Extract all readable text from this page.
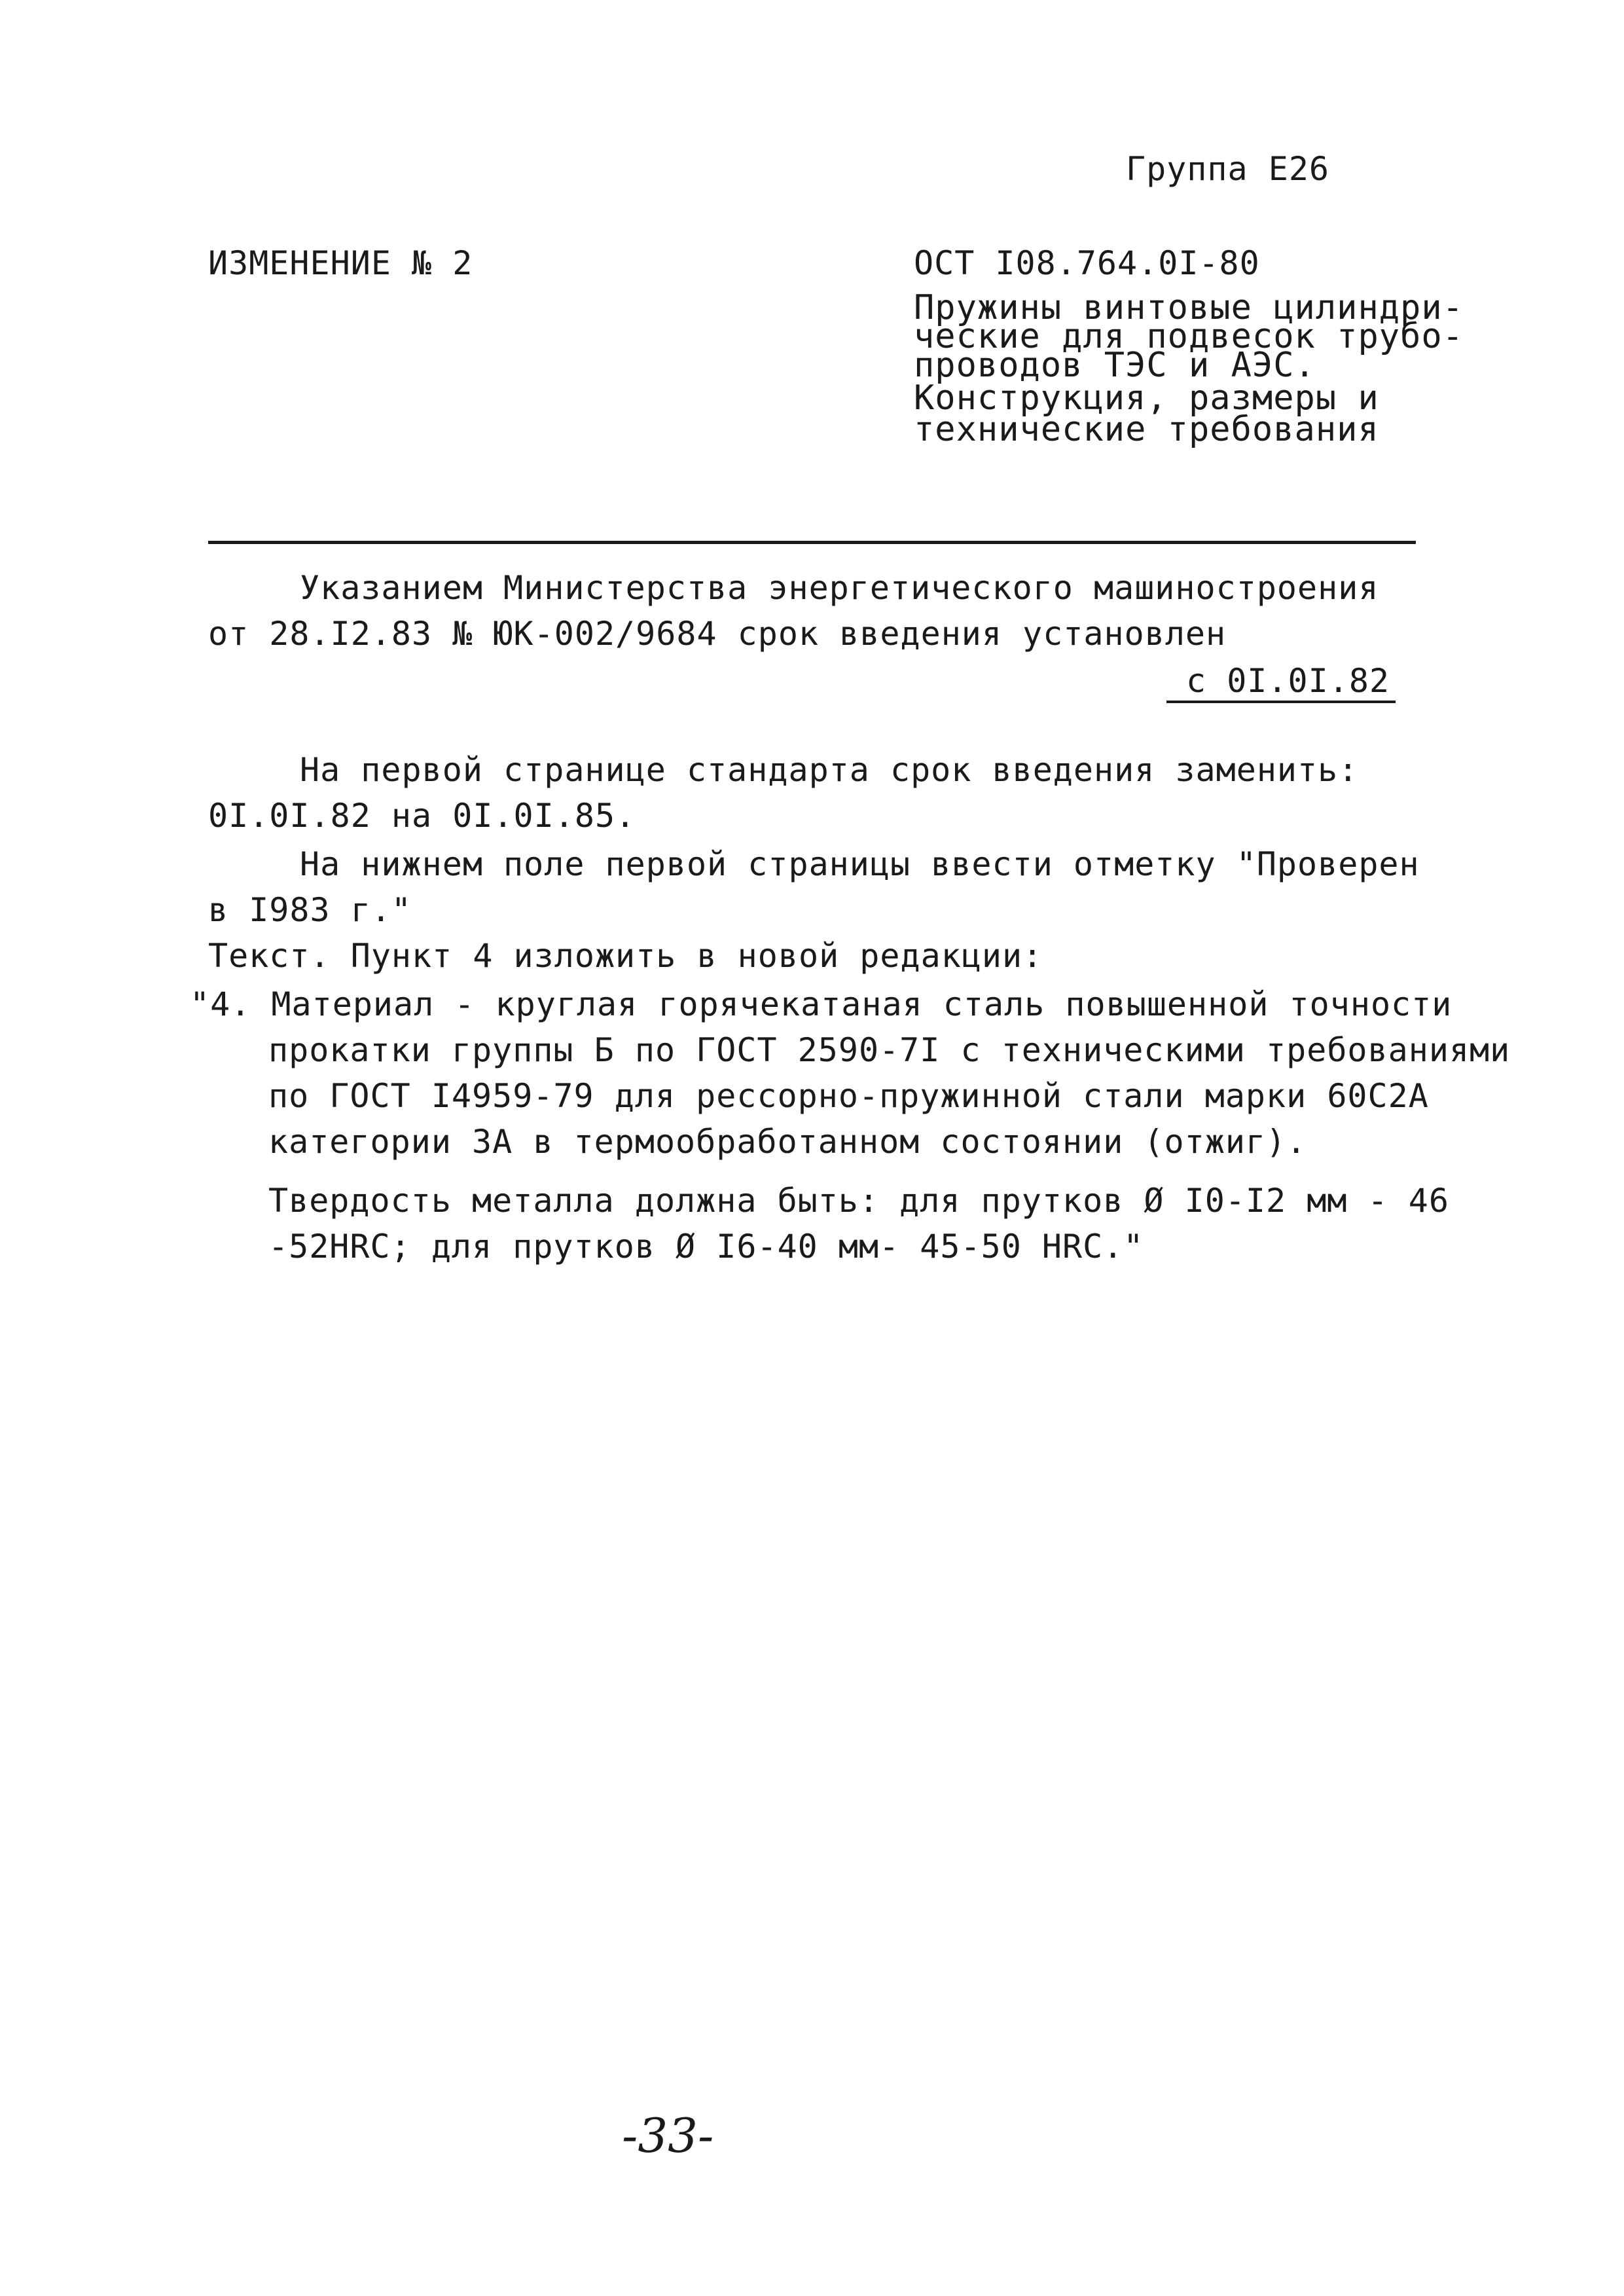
Группа Е26
ИЗМЕНЕНИЕ № 2	ОСТ I08.764.0I-80
Пружины винтовые цилиндри-
ческие для подвесок трубо-
проводов ТЭС и АЭС.
Конструкция, размеры и
технические требования
Указанием Министерства энергетического машиностроения
от 28.I2.83 № ЮК-002/9684 срок введения установлен
с 0I.0I.82
На первой странице стандарта срок введения заменить:
0I.0I.82 на 0I.0I.85.
На нижнем поле первой страницы ввести отметку "Проверен
в I983 г."
Текст. Пункт 4 изложить в новой редакции:
"4. Материал - круглая горячекатаная сталь повышенной точности
прокатки группы Б по ГОСТ 2590-7I с техническими требованиями
по ГОСТ I4959-79 для рессорно-пружинной стали марки 60С2А
категории 3А в термообработанном состоянии (отжиг).
Твердость металла должна быть: для прутков Ø I0-I2 мм - 46
-52HRC; для прутков Ø I6-40 мм- 45-50 HRC."
-33-
